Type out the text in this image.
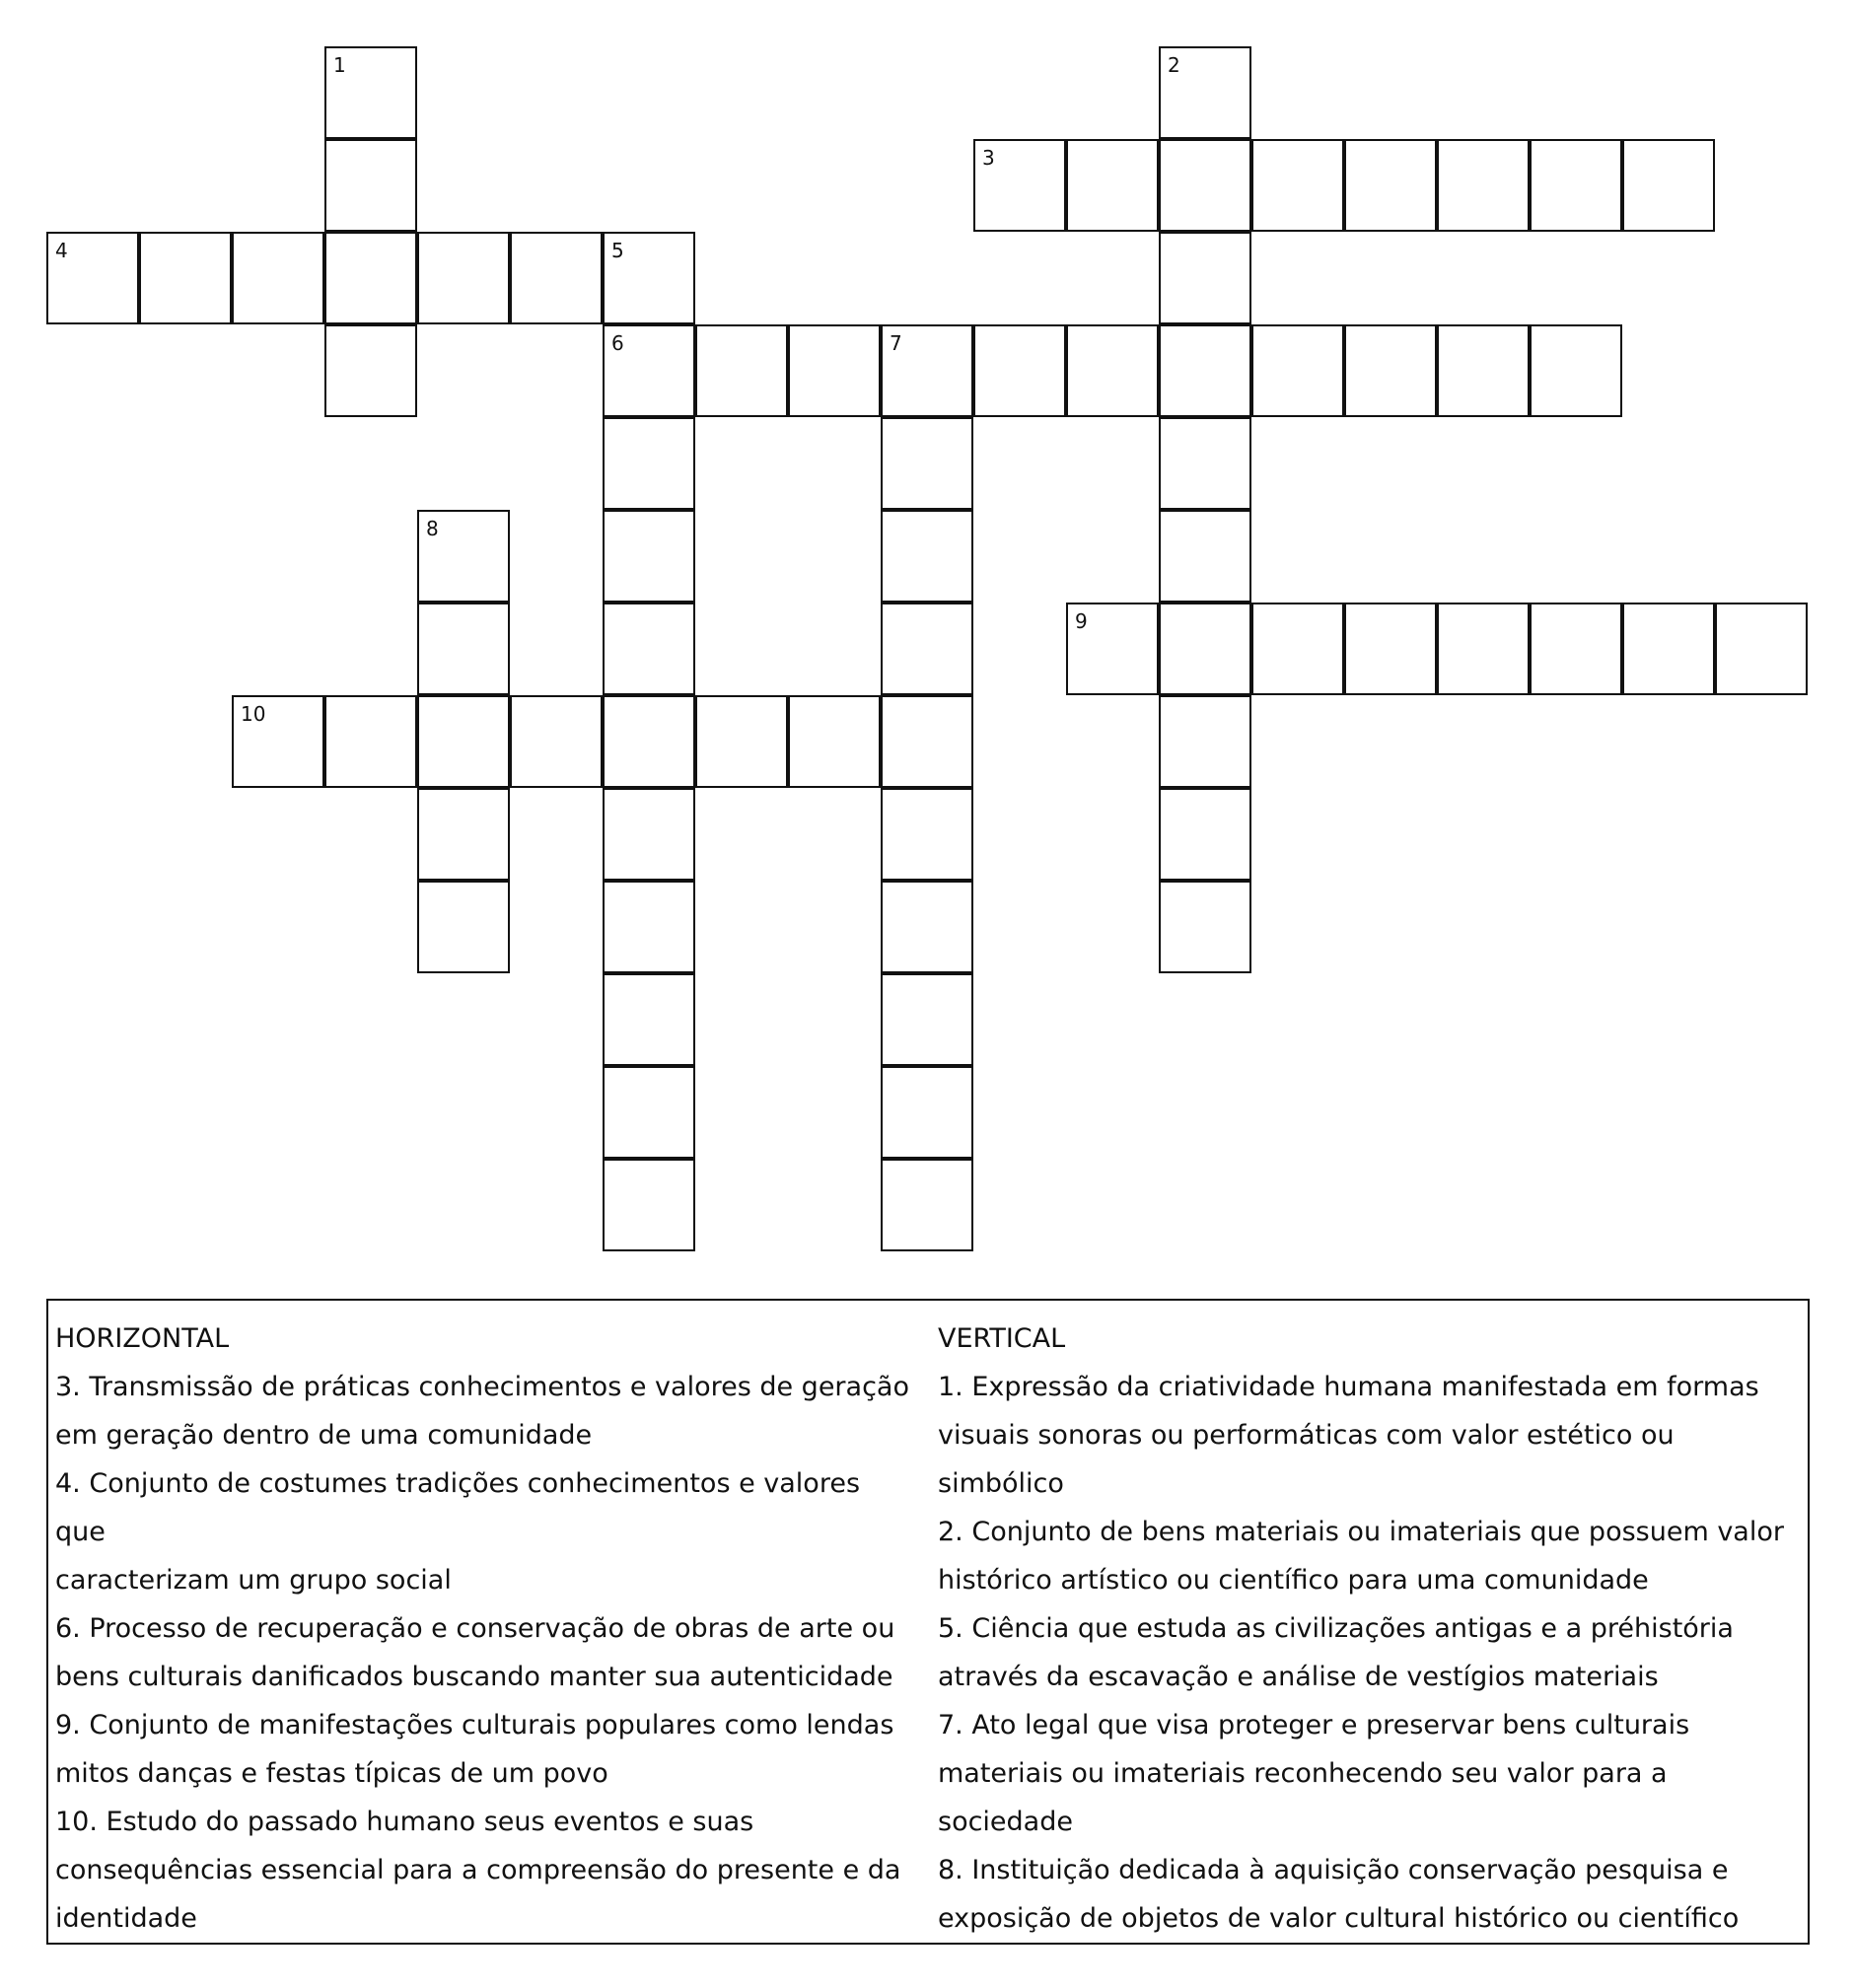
1	2
3
4	5
6	7
8
9
10

HORIZONTAL

3. Transmissão de práticas conhecimentos e valores de geração

em geração dentro de uma comunidade

4. Conjunto de costumes tradições conhecimentos e valores que

caracterizam um grupo social

6. Processo de recuperação e conservação de obras de arte ou

bens culturais danificados buscando manter sua autenticidade

9. Conjunto de manifestações culturais populares como lendas

mitos danças e festas típicas de um povo

10. Estudo do passado humano seus eventos e suas

consequências essencial para a compreensão do presente e da

identidade

VERTICAL

1. Expressão da criatividade humana manifestada em formas

visuais sonoras ou performáticas com valor estético ou simbólico

2. Conjunto de bens materiais ou imateriais que possuem valor

histórico artístico ou científico para uma comunidade

5. Ciência que estuda as civilizações antigas e a préhistória

através da escavação e análise de vestígios materiais

7. Ato legal que visa proteger e preservar bens culturais

materiais ou imateriais reconhecendo seu valor para a sociedade

8. Instituição dedicada à aquisição conservação pesquisa e

exposição de objetos de valor cultural histórico ou científico
